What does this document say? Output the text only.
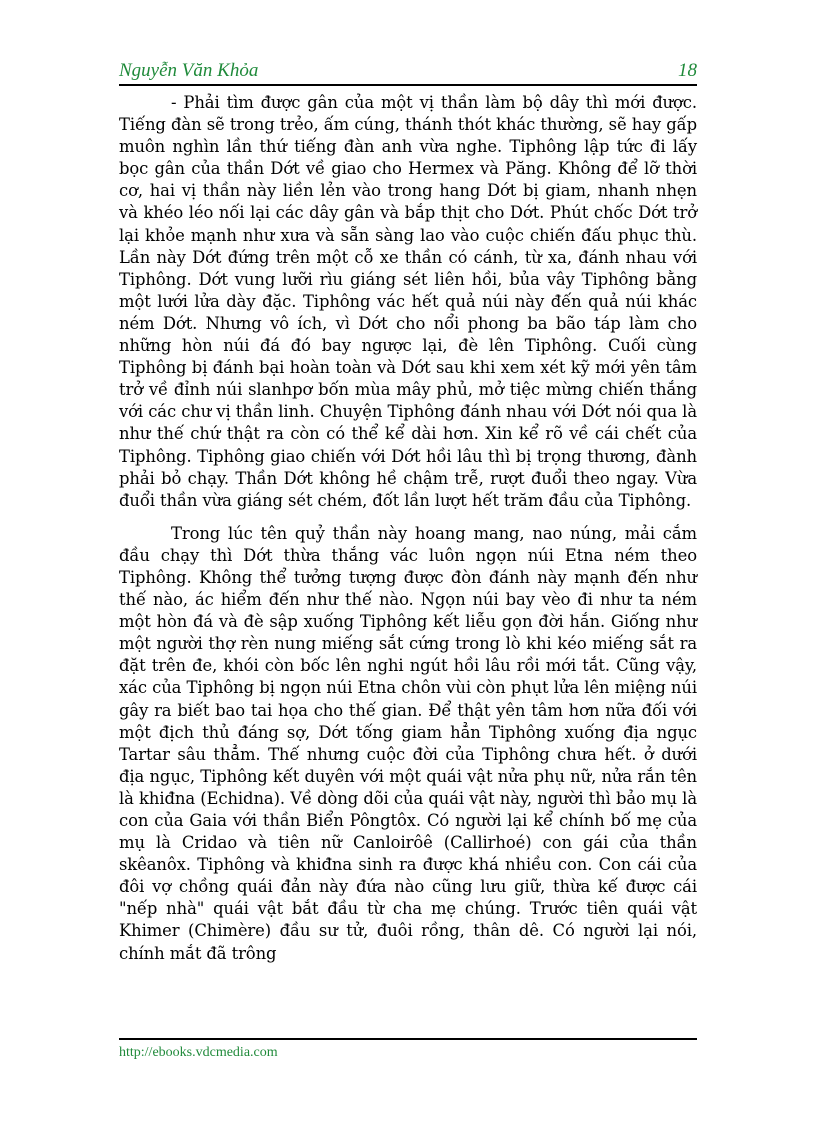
Nguyễn Văn Khỏa	18

- Phải tìm được gân của một vị thần làm bộ dây thì mới được. Tiếng đàn sẽ trong trẻo, ấm cúng, thánh thót khác thường, sẽ hay gấp muôn nghìn lần thứ tiếng đàn anh vừa nghe. Tiphông lập tức đi lấy bọc gân của thần Dớt về giao cho Hermex và Păng. Không để lỡ thời cơ, hai vị thần này liền lẻn vào trong hang Dớt bị giam, nhanh nhẹn và khéo léo nối lại các dây gân và bắp thịt cho Dớt. Phút chốc Dớt trở lại khỏe mạnh như xưa và sẵn sàng lao vào cuộc chiến đấu phục thù. Lần này Dớt đứng trên một cỗ xe thần có cánh, từ xa, đánh nhau với Tiphông. Dớt vung lưỡi rìu giáng sét liên hồi, bủa vây Tiphông bằng một lưới lửa dày đặc. Tiphông vác hết quả núi này đến quả núi khác ném Dớt. Nhưng vô ích, vì Dớt cho nổi phong ba bão táp làm cho những hòn núi đá đó bay ngược lại, đè lên Tiphông. Cuối cùng Tiphông bị đánh bại hoàn toàn và Dớt sau khi xem xét kỹ mới yên tâm trở về đỉnh núi slanhpơ bốn mùa mây phủ, mở tiệc mừng chiến thắng với các chư vị thần linh. Chuyện Tiphông đánh nhau với Dớt nói qua là như thế chứ thật ra còn có thể kể dài hơn. Xin kể rõ về cái chết của Tiphông. Tiphông giao chiến với Dớt hồi lâu thì bị trọng thương, đành phải bỏ chạy. Thần Dớt không hề chậm trễ, rượt đuổi theo ngay. Vừa đuổi thần vừa giáng sét chém, đốt lần lượt hết trăm đầu của Tiphông.

Trong lúc tên quỷ thần này hoang mang, nao núng, mải cắm đầu chạy thì Dớt thừa thắng vác luôn ngọn núi Etna ném theo Tiphông. Không thể tưởng tượng được đòn đánh này mạnh đến như thế nào, ác hiểm đến như thế nào. Ngọn núi bay vèo đi như ta ném một hòn đá và đè sập xuống Tiphông kết liễu gọn đời hắn. Giống như một người thợ rèn nung miếng sắt cứng trong lò khi kéo miếng sắt ra đặt trên đe, khói còn bốc lên nghi ngút hồi lâu rồi mới tắt. Cũng vậy, xác của Tiphông bị ngọn núi Etna chôn vùi còn phụt lửa lên miệng núi gây ra biết bao tai họa cho thế gian. Để thật yên tâm hơn nữa đối với một địch thủ đáng sợ, Dớt tống giam hẳn Tiphông xuống địa ngục Tartar sâu thẳm. Thế nhưng cuộc đời của Tiphông chưa hết. ở dưới địa ngục, Tiphông kết duyên với một quái vật nửa phụ nữ, nửa rắn tên là khiđna (Echidna). Về dòng dõi của quái vật này, người thì bảo mụ là con của Gaia với thần Biển Pôngtôx. Có người lại kể chính bố mẹ của mụ là Cridao và tiên nữ Canloirôê (Callirhoé) con gái của thần skêanôx. Tiphông và khiđna sinh ra được khá nhiều con. Con cái của đôi vợ chồng quái đản này đứa nào cũng lưu giữ, thừa kế được cái "nếp nhà" quái vật bắt đầu từ cha mẹ chúng. Trước tiên quái vật Khimer (Chimère) đầu sư tử, đuôi rồng, thân dê. Có người lại nói, chính mắt đã trông

http://ebooks.vdcmedia.com
